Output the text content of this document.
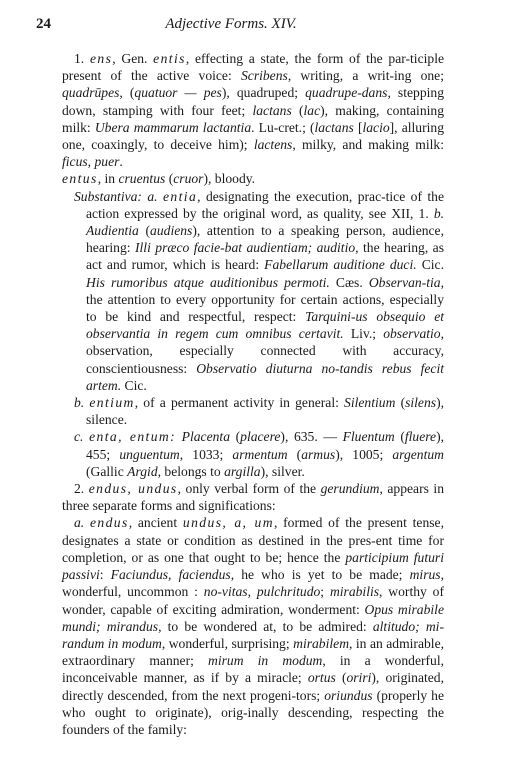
24	Adjective Forms. XIV.

1. ens, Gen. entis, effecting a state, the form of the par-ticiple present of the active voice: Scribens, writing, a writ-ing one; quadrūpes, (quatuor — pes), quadruped; quadrupe-dans, stepping down, stamping with four feet; lactans (lac), making, containing milk: Ubera mammarum lactantia. Lu-cret.; (lactans [lacio], alluring one, coaxingly, to deceive him); lactens, milky, and making milk: ficus, puer.

entus, in cruentus (cruor), bloody.

Substantiva: a. entia, designating the execution, prac-tice of the action expressed by the original word, as quality, see XII, 1. b. Audientia (audiens), attention to a speaking person, audience, hearing: Illi præco facie-bat audientiam; auditio, the hearing, as act and rumor, which is heard: Fabellarum auditione duci. Cic. His rumoribus atque auditionibus permoti. Cæs. Observan-tia, the attention to every opportunity for certain actions, especially to be kind and respectful, respect: Tarquini-us obsequio et observantia in regem cum omnibus certavit. Liv.; observatio, observation, especially connected with accuracy, conscientiousness: Observatio diuturna no-tandis rebus fecit artem. Cic.

b. entium, of a permanent activity in general: Silentium (silens), silence.

c. enta, entum: Placenta (placere), 635. — Fluentum (fluere), 455; unguentum, 1033; armentum (armus), 1005; argentum (Gallic Argid, belongs to argilla), silver.

2. endus, undus, only verbal form of the gerundium, appears in three separate forms and significations:

a. endus, ancient undus, a, um, formed of the present tense, designates a state or condition as destined in the pres-ent time for completion, or as one that ought to be; hence the participium futuri passivi: Faciundus, faciendus, he who is yet to be made; mirus, wonderful, uncommon : no-vitas, pulchritudo; mirabilis, worthy of wonder, capable of exciting admiration, wonderment: Opus mirabile mundi; mirandus, to be wondered at, to be admired: altitudo; mi-randum in modum, wonderful, surprising; mirabilem, in an admirable, extraordinary manner; mirum in modum, in a wonderful, inconceivable manner, as if by a miracle; ortus (oriri), originated, directly descended, from the next progeni-tors; oriundus (properly he who ought to originate), orig-inally descending, respecting the founders of the family:
